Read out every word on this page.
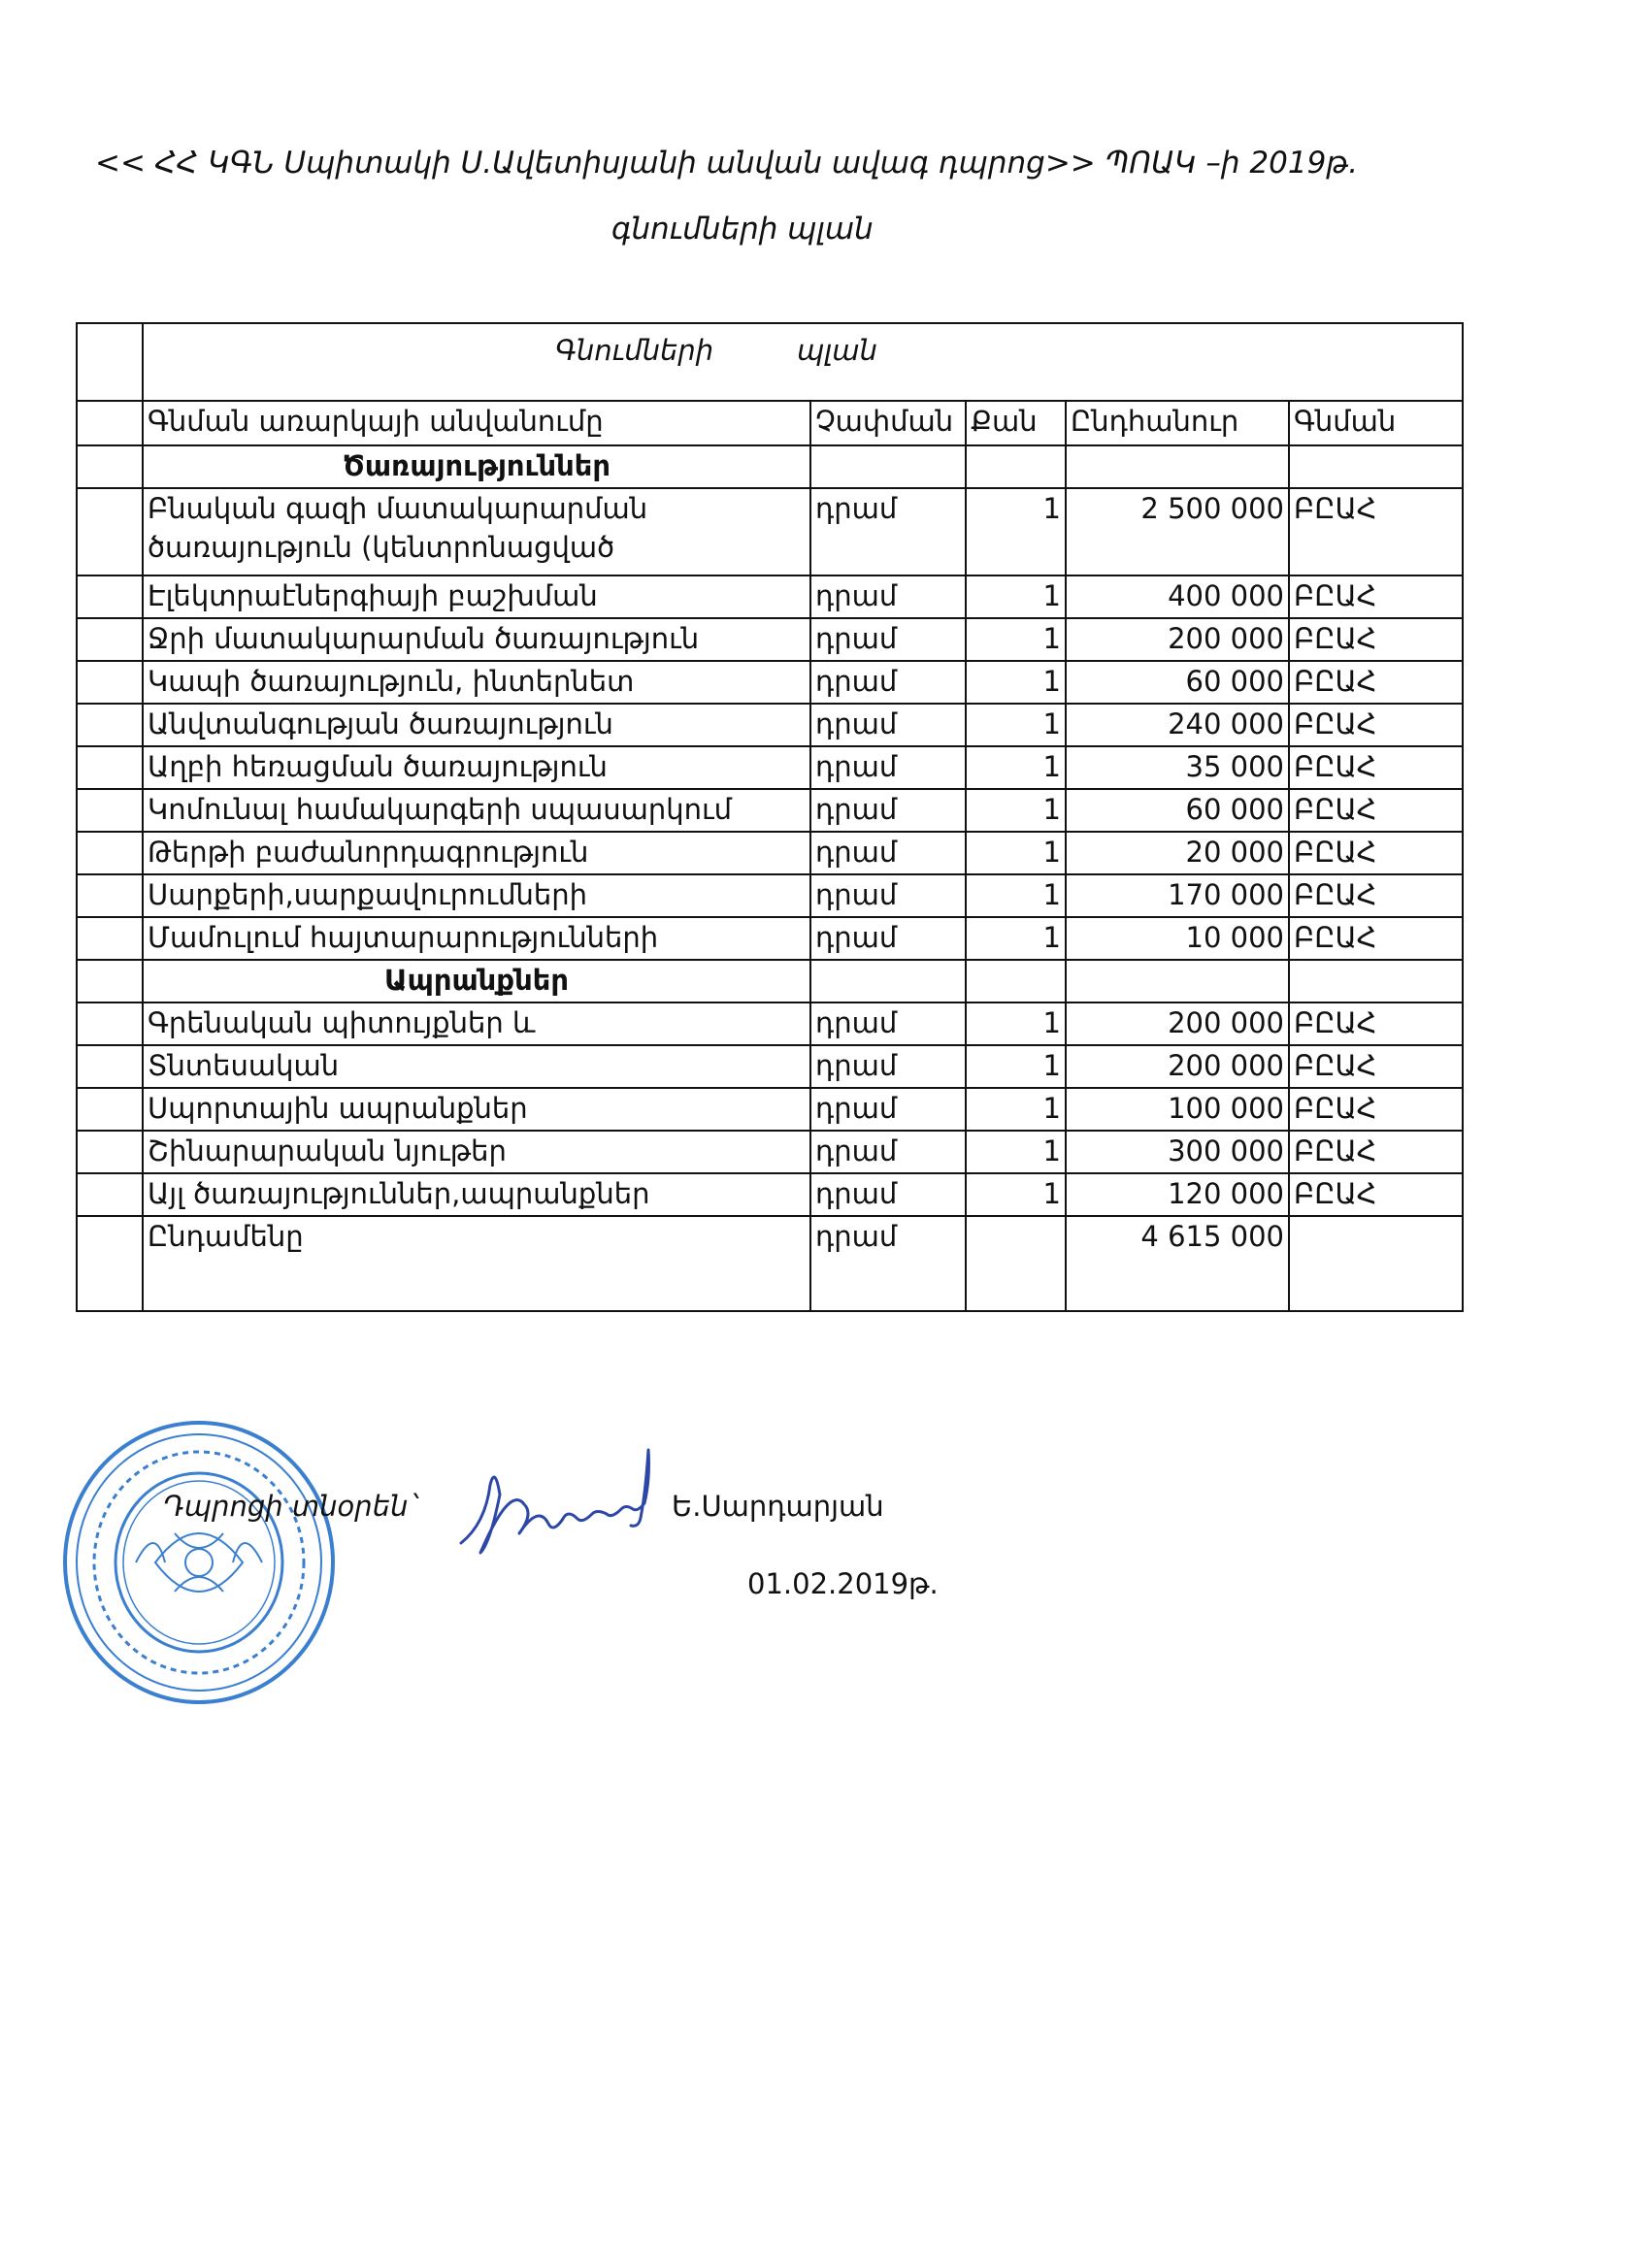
<< ՀՀ ԿԳՆ Սպիտակի Ս.Ավետիսյանի անվան ավագ դպրոց>> ՊՈԱԿ –ի 2019թ.
գնումների պլան

	Գնումների պլան				

	Գնման առարկայի անվանումը	Չափման	Քան	Ընդհանուր	Գնման
	Ծառայություններ				
	Բնական գազի մատակարարման ծառայություն (կենտրոնացված	դրամ	1	2 500 000	ԲԸԱՀ
	Էլեկտրաէներգիայի բաշխման	դրամ	1	400 000	ԲԸԱՀ
	Ջրի մատակարարման ծառայություն	դրամ	1	200 000	ԲԸԱՀ
	Կապի ծառայություն, ինտերնետ	դրամ	1	60 000	ԲԸԱՀ
	Անվտանգության ծառայություն	դրամ	1	240 000	ԲԸԱՀ
	Աղբի հեռացման ծառայություն	դրամ	1	35 000	ԲԸԱՀ
	Կոմունալ համակարգերի սպասարկում	դրամ	1	60 000	ԲԸԱՀ
	Թերթի բաժանորդագրություն	դրամ	1	20 000	ԲԸԱՀ
	Սարքերի,սարքավուրումների	դրամ	1	170 000	ԲԸԱՀ
	Մամուլում հայտարարությունների	դրամ	1	10 000	ԲԸԱՀ
	Ապրանքներ				
	Գրենական պիտույքներ և	դրամ	1	200 000	ԲԸԱՀ
	Տնտեսական	դրամ	1	200 000	ԲԸԱՀ
	Սպորտային ապրանքներ	դրամ	1	100 000	ԲԸԱՀ
	Շինարարական նյութեր	դրամ	1	300 000	ԲԸԱՀ
	Այլ ծառայություններ,ապրանքներ	դրամ	1	120 000	ԲԸԱՀ
	Ընդամենը	դրամ		4 615 000	
Դպրոցի տնօրեն`	Ե.Սարդարյան
01.02.2019թ.
